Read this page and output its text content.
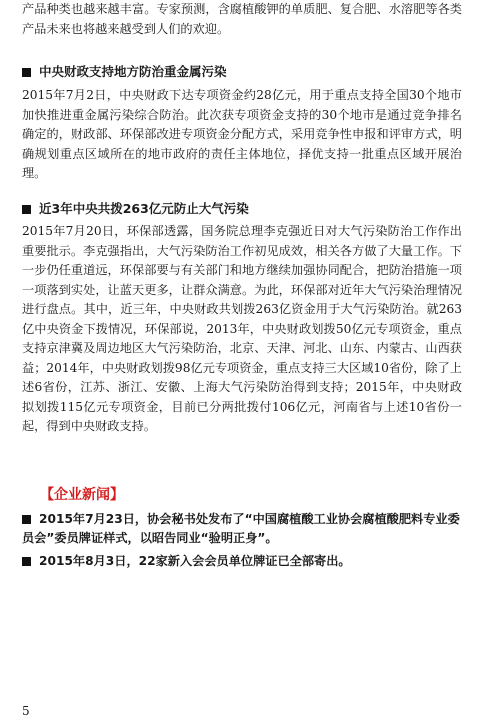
产品种类也越来越丰富。专家预测，含腐植酸钾的单质肥、复合肥、水溶肥等各类产品未来也将越来越受到人们的欢迎。

中央财政支持地方防治重金属污染

2015年7月2日，中央财政下达专项资金约28亿元，用于重点支持全国30个地市加快推进重金属污染综合防治。此次获专项资金支持的30个地市是通过竞争排名确定的，财政部、环保部改进专项资金分配方式，采用竞争性申报和评审方式，明确规划重点区域所在的地市政府的责任主体地位，择优支持一批重点区域开展治理。

近3年中央共拨263亿元防止大气污染

2015年7月20日，环保部透露，国务院总理李克强近日对大气污染防治工作作出重要批示。李克强指出，大气污染防治工作初见成效，相关各方做了大量工作。下一步仍任重道远，环保部要与有关部门和地方继续加强协同配合，把防治措施一项一项落到实处，让蓝天更多，让群众满意。为此，环保部对近年大气污染治理情况进行盘点。其中，近三年，中央财政共划拨263亿资金用于大气污染防治。就263亿中央资金下拨情况，环保部说，2013年，中央财政划拨50亿元专项资金，重点支持京津冀及周边地区大气污染防治，北京、天津、河北、山东、内蒙古、山西获益；2014年，中央财政划拨98亿元专项资金，重点支持三大区域10省份，除了上述6省份，江苏、浙江、安徽、上海大气污染防治得到支持；2015年，中央财政拟划拨115亿元专项资金，目前已分两批拨付106亿元，河南省与上述10省份一起，得到中央财政支持。

【企业新闻】
2015年7月23日，协会秘书处发布了“中国腐植酸工业协会腐植酸肥料专业委员会”委员牌证样式，以昭告同业“验明正身”。
2015年8月3日，22家新入会会员单位牌证已全部寄出。
5
